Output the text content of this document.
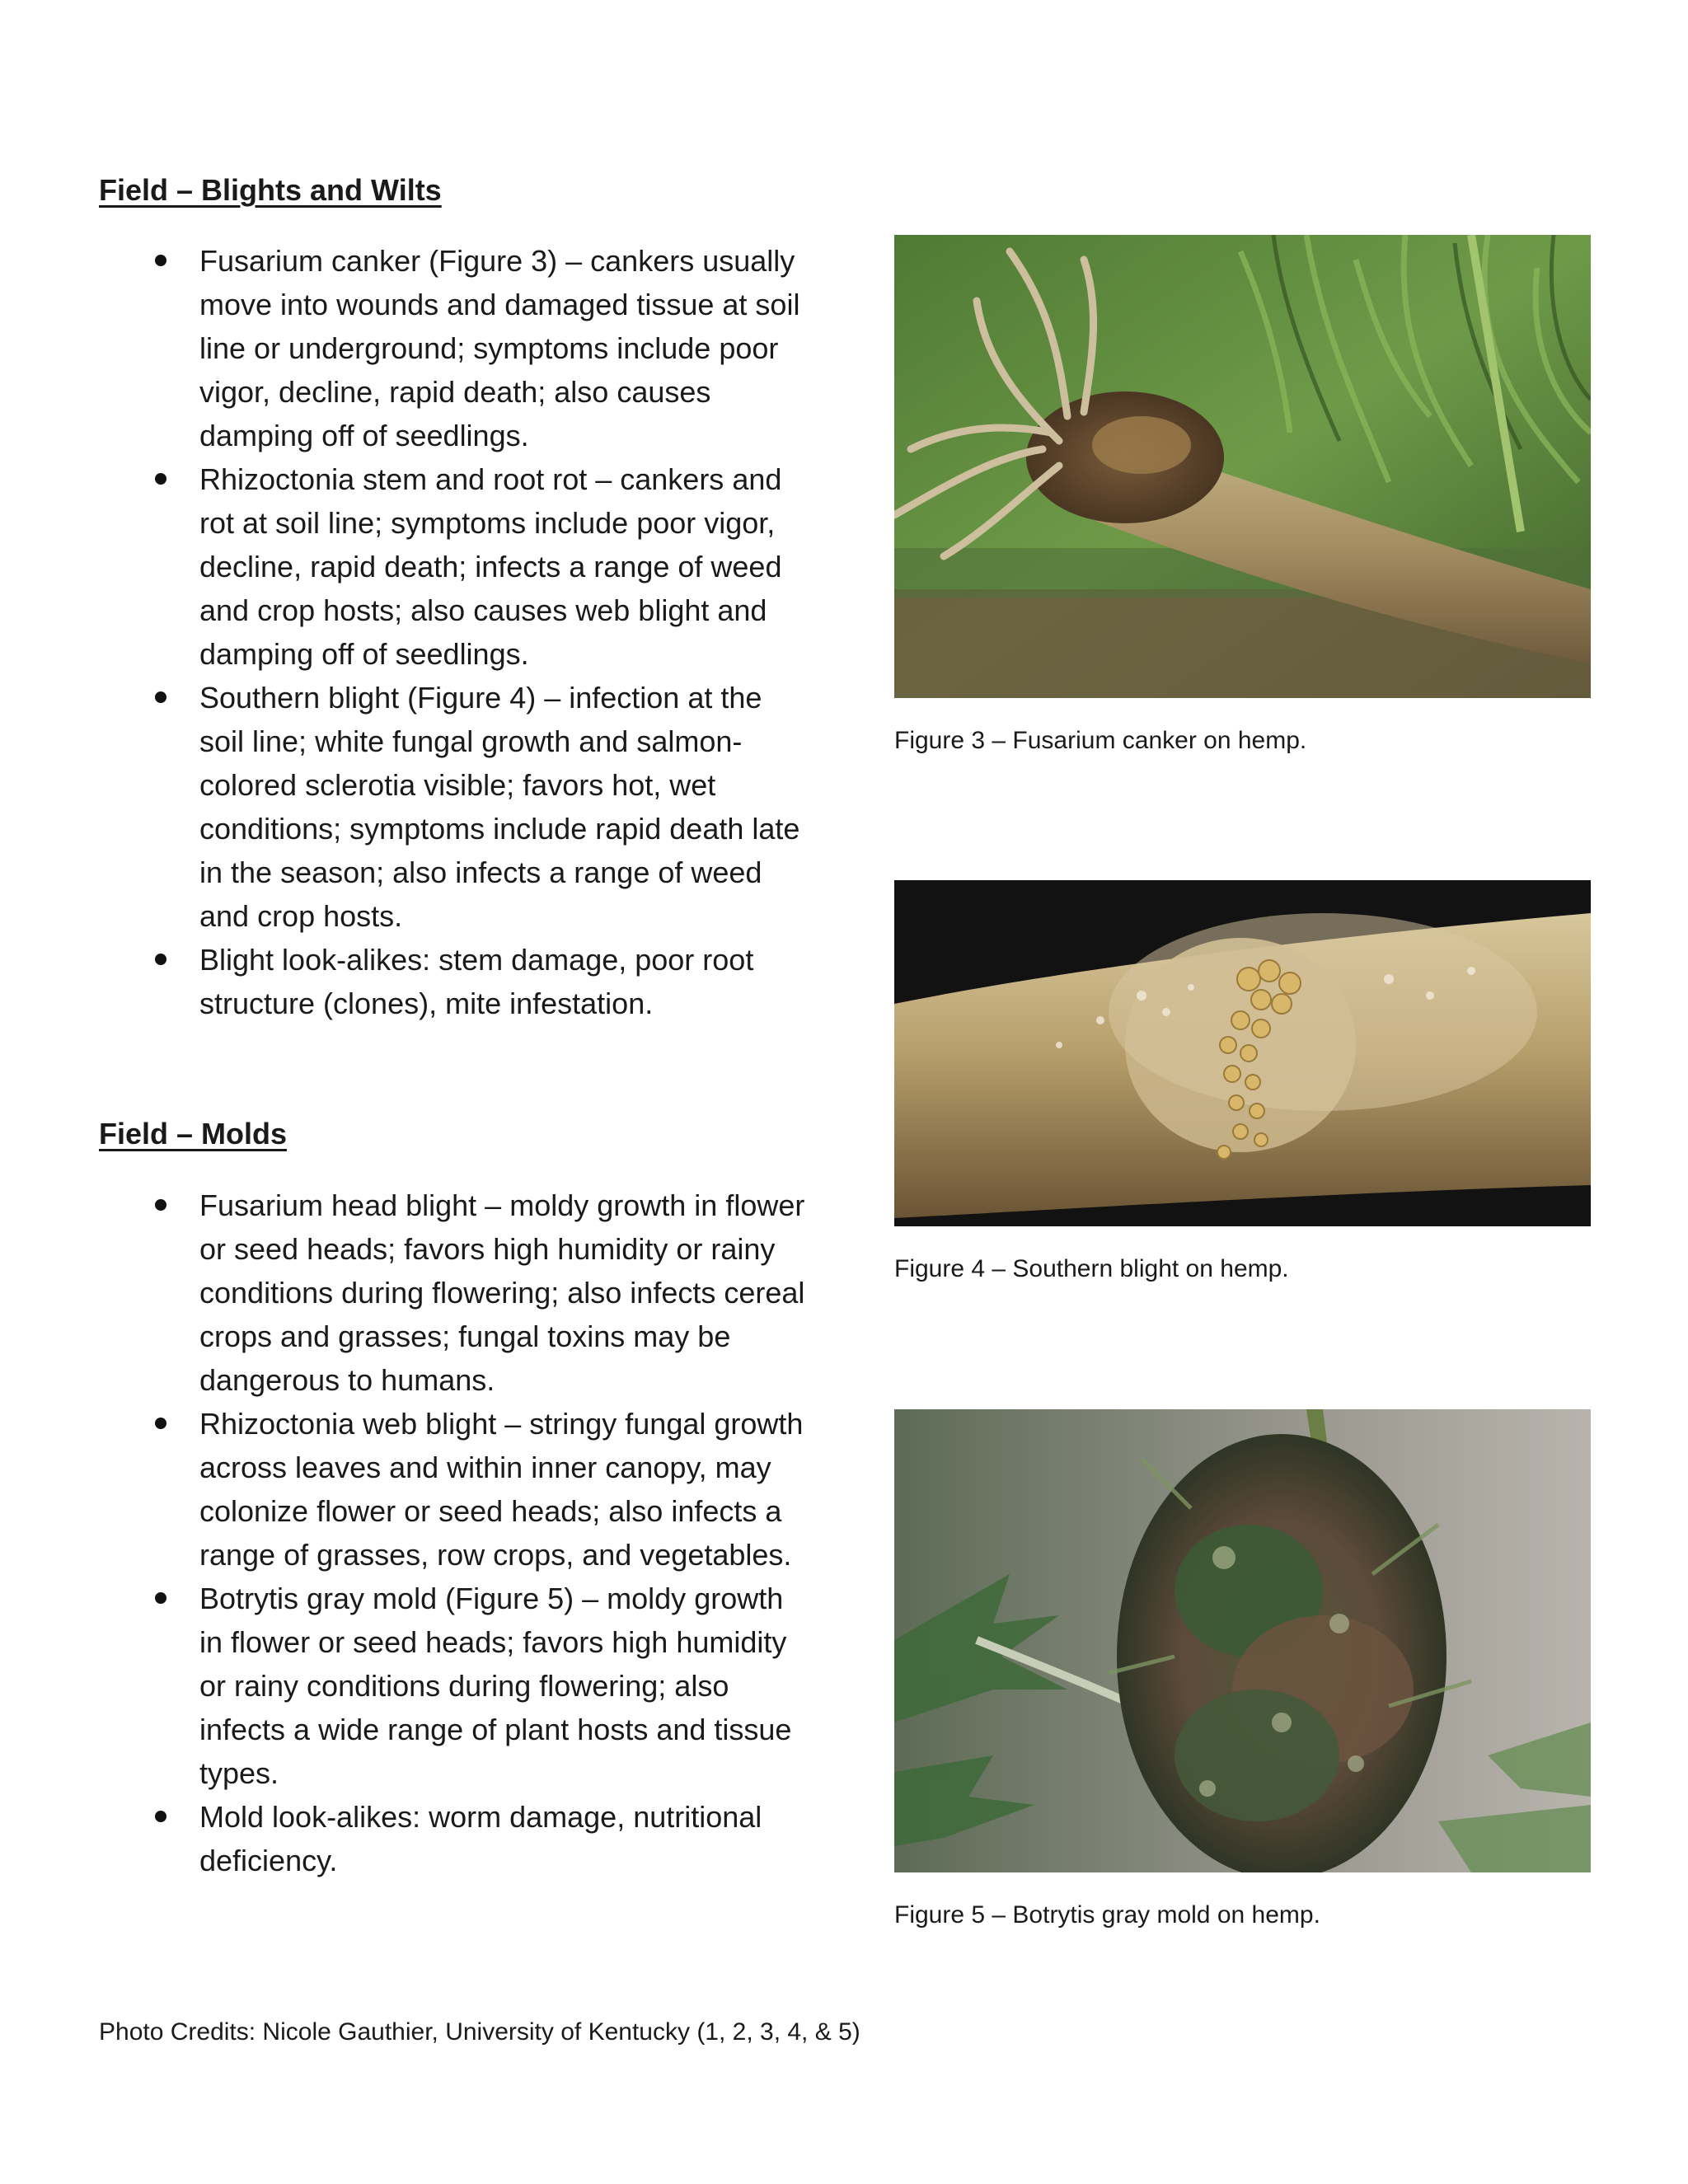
Field – Blights and Wilts
Fusarium canker (Figure 3) – cankers usually move into wounds and damaged tissue at soil line or underground; symptoms include poor vigor, decline, rapid death; also causes damping off of seedlings.
Rhizoctonia stem and root rot – cankers and rot at soil line; symptoms include poor vigor, decline, rapid death; infects a range of weed and crop hosts; also causes web blight and damping off of seedlings.
Southern blight (Figure 4) – infection at the soil line; white fungal growth and salmon-colored sclerotia visible; favors hot, wet conditions; symptoms include rapid death late in the season; also infects a range of weed and crop hosts.
Blight look-alikes: stem damage, poor root structure (clones), mite infestation.
Field – Molds
Fusarium head blight – moldy growth in flower or seed heads; favors high humidity or rainy conditions during flowering; also infects cereal crops and grasses; fungal toxins may be dangerous to humans.
Rhizoctonia web blight – stringy fungal growth across leaves and within inner canopy, may colonize flower or seed heads; also infects a range of grasses, row crops, and vegetables.
Botrytis gray mold (Figure 5) – moldy growth in flower or seed heads; favors high humidity or rainy conditions during flowering; also infects a wide range of plant hosts and tissue types.
Mold look-alikes: worm damage, nutritional deficiency.
Figure 3 – Fusarium canker on hemp.
Figure 4 – Southern blight on hemp.
Figure 5 – Botrytis gray mold on hemp.
Photo Credits: Nicole Gauthier, University of Kentucky (1, 2, 3, 4, & 5)
